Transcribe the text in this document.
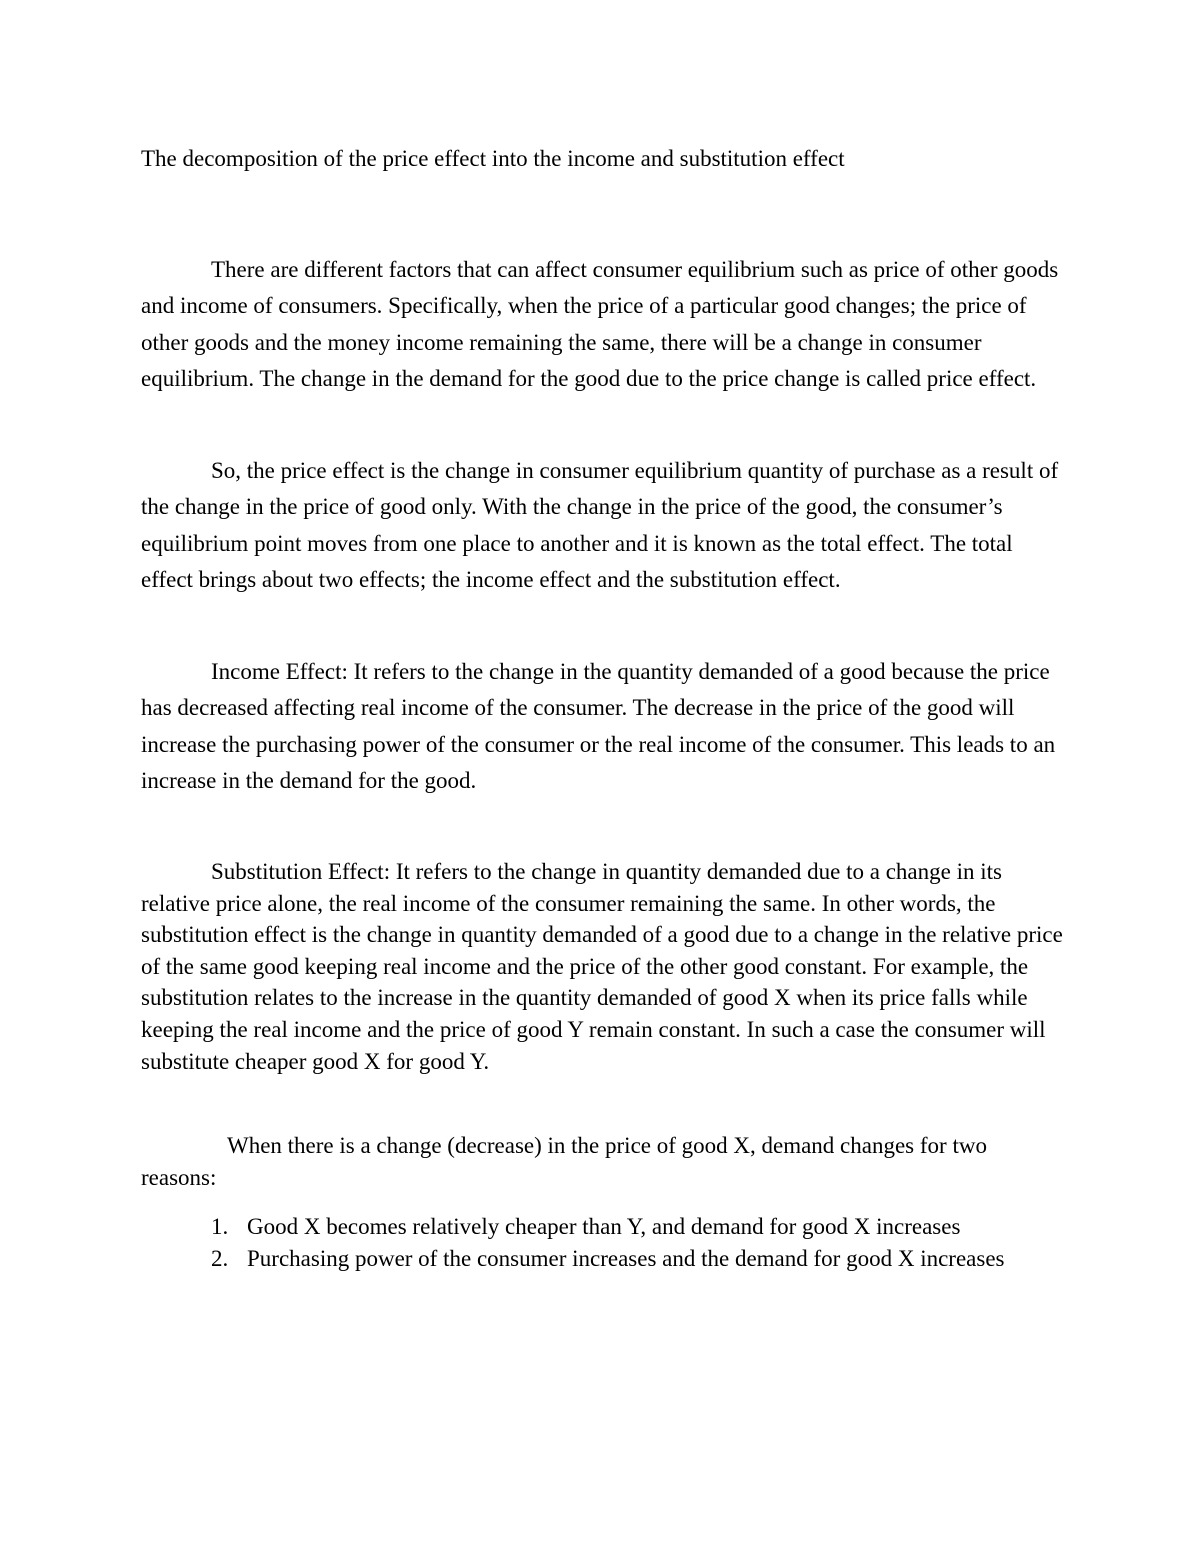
The decomposition of the price effect into the income and substitution effect

There are different factors that can affect consumer equilibrium such as price of other goods and income of consumers. Specifically, when the price of a particular good changes; the price of other goods and the money income remaining the same, there will be a change in consumer equilibrium. The change in the demand for the good due to the price change is called price effect.

So, the price effect is the change in consumer equilibrium quantity of purchase as a result of the change in the price of good only. With the change in the price of the good, the consumer’s equilibrium point moves from one place to another and it is known as the total effect. The total effect brings about two effects; the income effect and the substitution effect.

Income Effect: It refers to the change in the quantity demanded of a good because the price has decreased affecting real income of the consumer. The decrease in the price of the good will increase the purchasing power of the consumer or the real income of the consumer. This leads to an increase in the demand for the good.

Substitution Effect: It refers to the change in quantity demanded due to a change in its relative price alone, the real income of the consumer remaining the same. In other words, the substitution effect is the change in quantity demanded of a good due to a change in the relative price of the same good keeping real income and the price of the other good constant. For example, the substitution relates to the increase in the quantity demanded of good X when its price falls while keeping the real income and the price of good Y remain constant. In such a case the consumer will substitute cheaper good X for good Y.

When there is a change (decrease) in the price of good X, demand changes for two reasons:

1. Good X becomes relatively cheaper than Y, and demand for good X increases
2. Purchasing power of the consumer increases and the demand for good X increases
